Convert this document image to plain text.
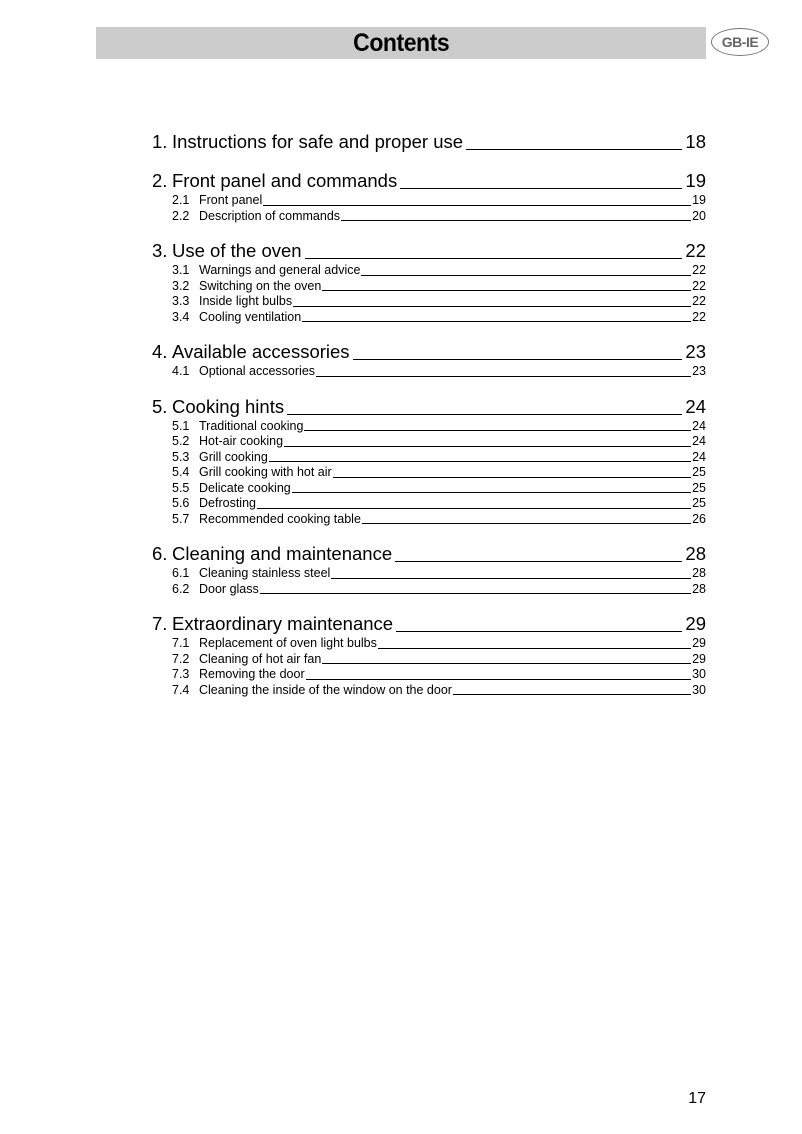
Contents	GB-IE
1. Instructions for safe and proper use	18
2. Front panel and commands	19
2.1 Front panel	19
2.2 Description of commands	20
3. Use of the oven	22
3.1 Warnings and general advice	22
3.2 Switching on the oven	22
3.3 Inside light bulbs	22
3.4 Cooling ventilation	22
4. Available accessories	23
4.1 Optional accessories	23
5. Cooking hints	24
5.1 Traditional cooking	24
5.2 Hot-air cooking	24
5.3 Grill cooking	24
5.4 Grill cooking with hot air	25
5.5 Delicate cooking	25
5.6 Defrosting	25
5.7 Recommended cooking table	26
6. Cleaning and maintenance	28
6.1 Cleaning stainless steel	28
6.2 Door glass	28
7. Extraordinary maintenance	29
7.1 Replacement of oven light bulbs	29
7.2 Cleaning of hot air fan	29
7.3 Removing the door	30
7.4 Cleaning the inside of the window on the door	30
17
